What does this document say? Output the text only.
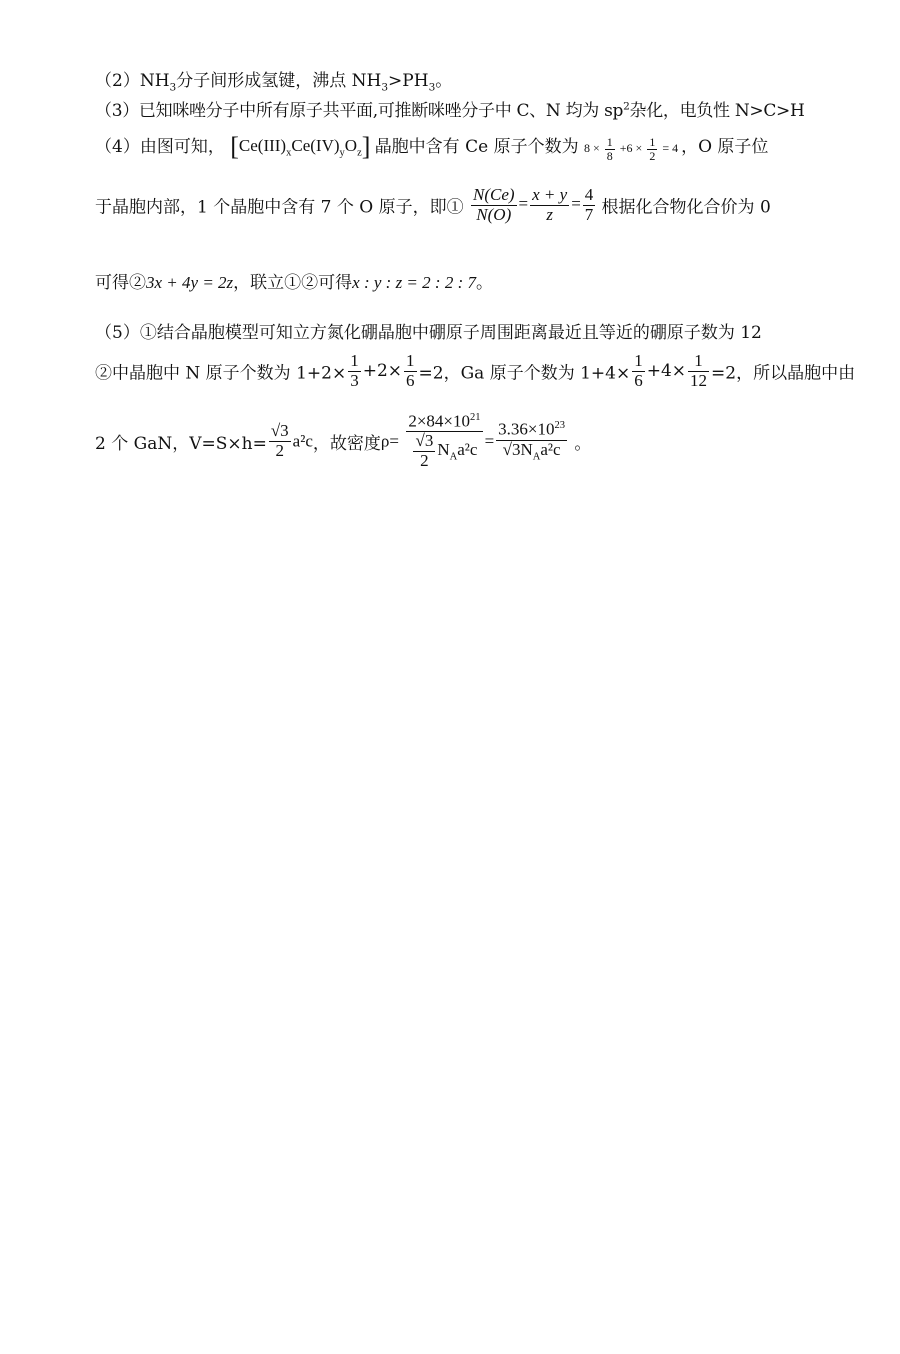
$(2)NH_3$分子间形成氢键，沸点 $NH_3>PH_3$。
（3）已知咪唑分子中所有原子共平面,可推断咪唑分子中 C、N 均为 $sp^2$杂化，电负性 N>C>H
（4）由图可知， $[Ce(III)_xCe(IV)_yO_z]$ 晶胞中含有 Ce 原子个数为 $8 \times \frac{1}{8} +6 \times \frac{1}{2} = 4$ ，O 原子位
于晶胞内部，1 个晶胞中含有 7 个 O 原子，即① $\frac{N(Ce)}{N(O)} = \frac{x + y}{z} = \frac{4}{7}$ 根据化合物化合价为 0
可得②3x + 4y = 2z，联立①②可得x : y : z = 2 : 2 : 7。
（5）①结合晶胞模型可知立方氮化硼晶胞中硼原子周围距离最近且等近的硼原子数为 12
②中晶胞中 N 原子个数为 $1+2\times \frac{1}{3} +2\times \frac{1}{6} =2$，Ga 原子个数为 $1+4\times \frac{1}{6} +4\times \frac{1}{12} =2$，所以晶胞中由
2 个 GaN，$V=S\times h= \frac{√3}{2} a^2c$，故密度$\rho= \frac{2\times 84\times 10^{21}}{\frac{√3}{2} N_Aa^2c} = \frac{3.36\times 10^{23}}{√3N_Aa^2c}$ 。
